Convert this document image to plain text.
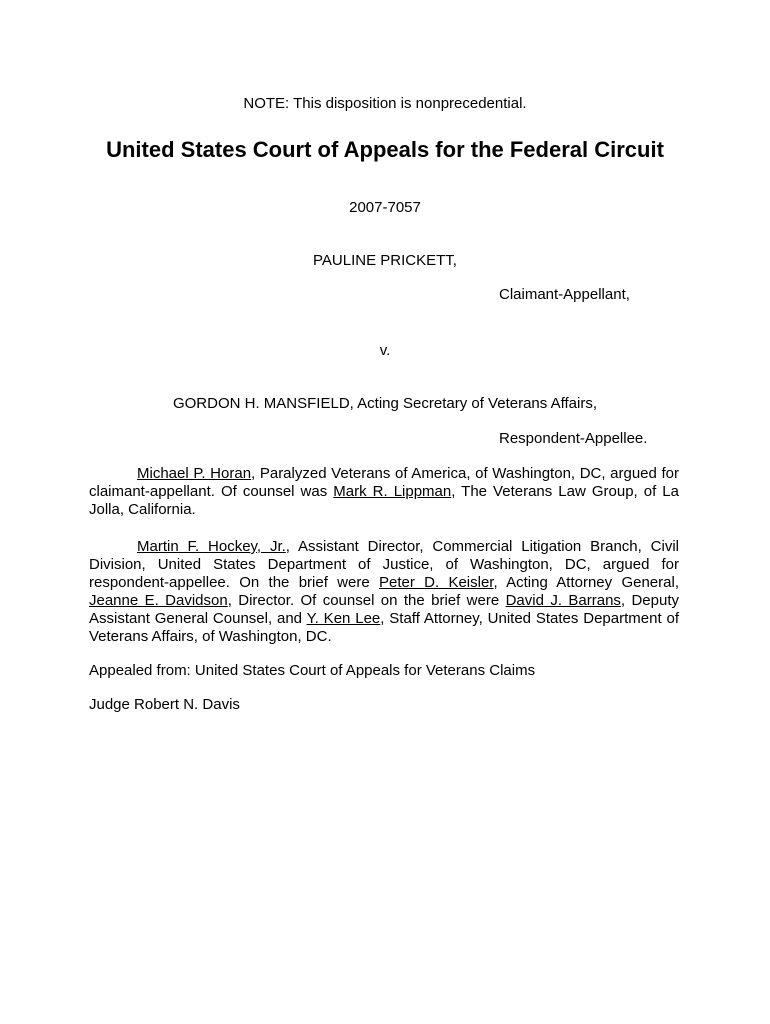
NOTE: This disposition is nonprecedential.
United States Court of Appeals for the Federal Circuit
2007-7057
PAULINE PRICKETT,
Claimant-Appellant,
v.
GORDON H. MANSFIELD, Acting Secretary of Veterans Affairs,
Respondent-Appellee.

Michael P. Horan, Paralyzed Veterans of America, of Washington, DC, argued for claimant-appellant. Of counsel was Mark R. Lippman, The Veterans Law Group, of La Jolla, California.

Martin F. Hockey, Jr., Assistant Director, Commercial Litigation Branch, Civil Division, United States Department of Justice, of Washington, DC, argued for respondent-appellee. On the brief were Peter D. Keisler, Acting Attorney General, Jeanne E. Davidson, Director. Of counsel on the brief were David J. Barrans, Deputy Assistant General Counsel, and Y. Ken Lee, Staff Attorney, United States Department of Veterans Affairs, of Washington, DC.

Appealed from: United States Court of Appeals for Veterans Claims
Judge Robert N. Davis
